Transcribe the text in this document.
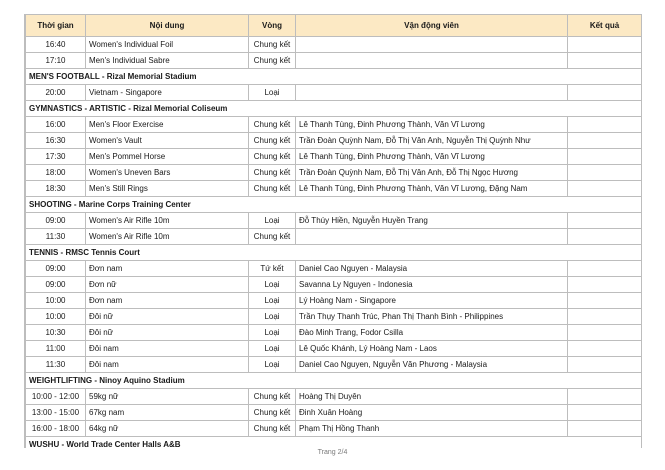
Thời gian	Nội dung	Vòng	Vận động viên	Kết quả
16:40	Women's Individual Foil	Chung kết		
17:10	Men's Individual Sabre	Chung kết		
MEN'S FOOTBALL - Rizal Memorial Stadium				
20:00	Vietnam - Singapore	Loại		
GYMNASTICS - ARTISTIC - Rizal Memorial Coliseum				
16:00	Men's Floor Exercise	Chung kết	Lê Thanh Tùng, Đinh Phương Thành, Văn Vĩ Lương	
16:30	Women's Vault	Chung kết	Trần Đoàn Quỳnh Nam, Đỗ Thị Vân Anh, Nguyễn Thị Quỳnh Như	
17:30	Men's Pommel Horse	Chung kết	Lê Thanh Tùng, Đinh Phương Thành, Văn Vĩ Lương	
18:00	Women's Uneven Bars	Chung kết	Trần Đoàn Quỳnh Nam, Đỗ Thị Vân Anh, Đỗ Thị Ngọc Hương	
18:30	Men's Still Rings	Chung kết	Lê Thanh Tùng, Đinh Phương Thành, Văn Vĩ Lương, Đặng Nam	
SHOOTING - Marine Corps Training Center				
09:00	Women's Air Rifle 10m	Loại	Đỗ Thúy Hiền, Nguyễn Huyền Trang	
11:30	Women's Air Rifle 10m	Chung kết		
TENNIS - RMSC Tennis Court				
09:00	Đơn nam	Tứ kết	Daniel Cao Nguyen - Malaysia	
09:00	Đơn nữ	Loại	Savanna Ly Nguyen - Indonesia	
10:00	Đơn nam	Loại	Lý Hoàng Nam - Singapore	
10:00	Đôi nữ	Loại	Trần Thụy Thanh Trúc, Phan Thị Thanh Bình - Philippines	
10:30	Đôi nữ	Loại	Đào Minh Trang, Fodor Csilla	
11:00	Đôi nam	Loại	Lê Quốc Khánh, Lý Hoàng Nam - Laos	
11:30	Đôi nam	Loại	Daniel Cao Nguyen, Nguyễn Văn Phương - Malaysia	
WEIGHTLIFTING - Ninoy Aquino Stadium				
10:00 - 12:00	59kg nữ	Chung kết	Hoàng Thị Duyên	
13:00 - 15:00	67kg nam	Chung kết	Đinh Xuân Hoàng	
16:00 - 18:00	64kg nữ	Chung kết	Phạm Thị Hồng Thanh	
WUSHU - World Trade Center Halls A&B				
Trang 2/4
